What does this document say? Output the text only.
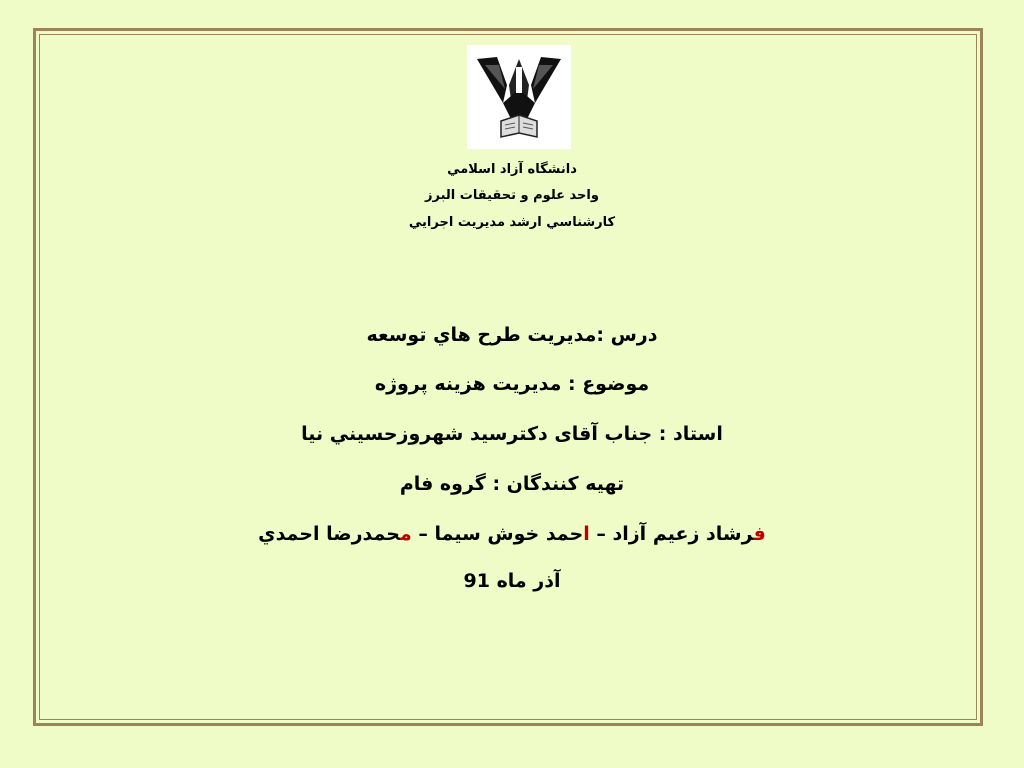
دانشگاه آزاد اسلامي
واحد علوم و تحقيقات البرز
كارشناسي ارشد مديريت اجرايي
درس :مديريت طرح هاي توسعه
موضوع : مديريت هزينه پروژه
استاد : جناب آقای دکترسيد شهروزحسيني نيا
تهيه كنندگان : گروه فام
فرشاد زعيم آزاد – احمد خوش سيما – محمدرضا احمدي
آذر ماه 91
